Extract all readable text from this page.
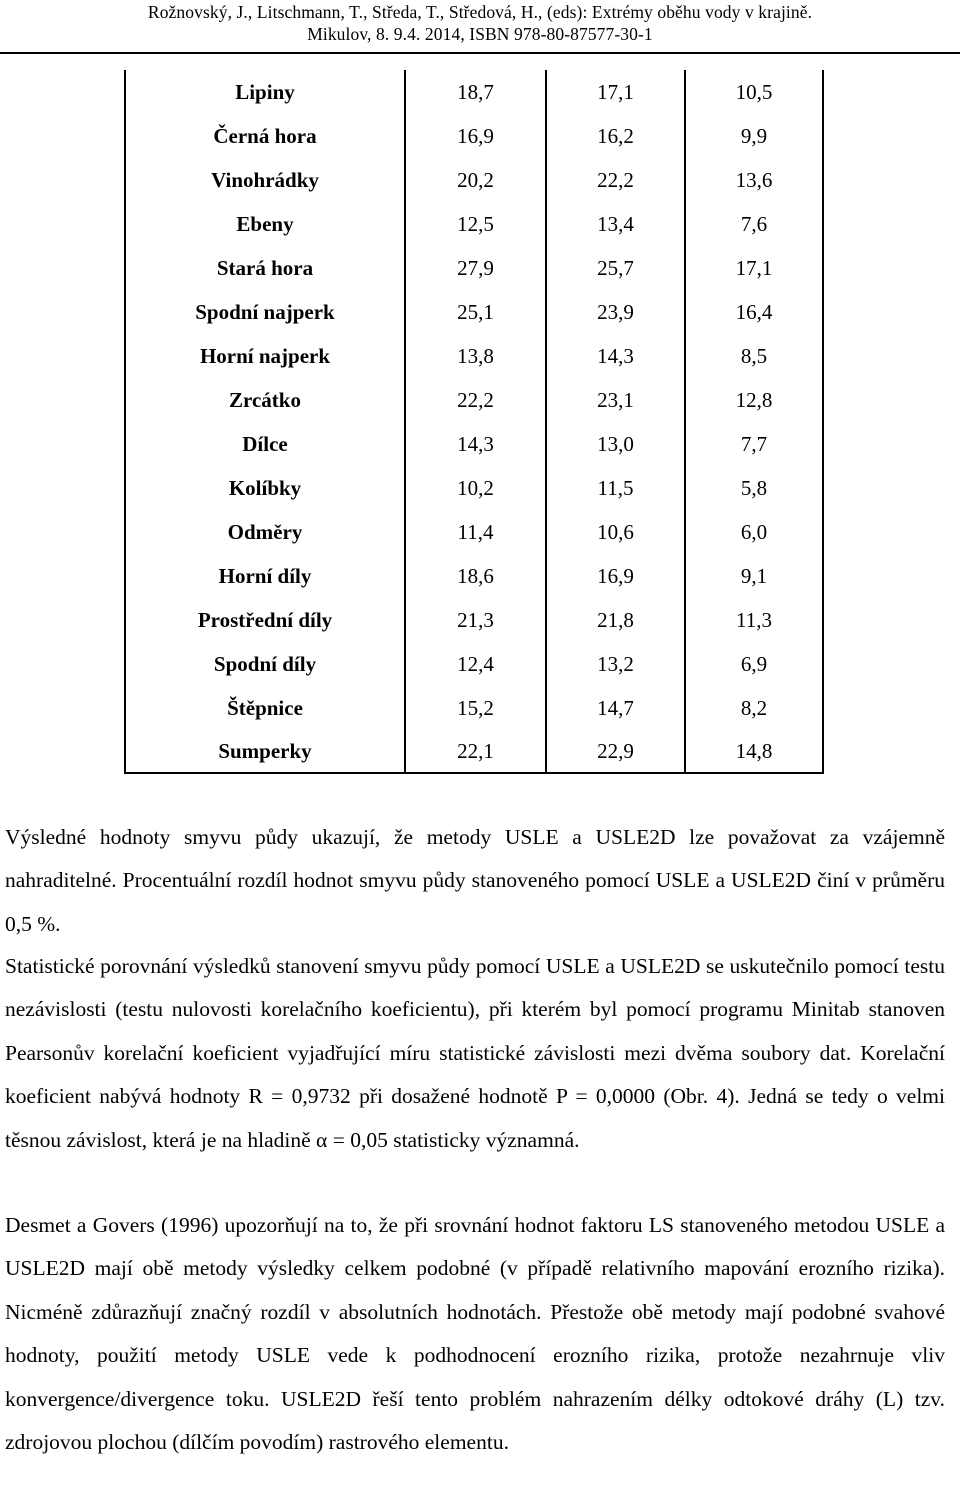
Rožnovský, J., Litschmann, T., Středa, T., Středová, H., (eds): Extrémy oběhu vody v krajině.
Mikulov, 8. 9.4. 2014, ISBN 978-80-87577-30-1
Lipiny	18,7	17,1	10,5
Černá hora	16,9	16,2	9,9
Vinohrádky	20,2	22,2	13,6
Ebeny	12,5	13,4	7,6
Stará hora	27,9	25,7	17,1
Spodní najperk	25,1	23,9	16,4
Horní najperk	13,8	14,3	8,5
Zrcátko	22,2	23,1	12,8
Dílce	14,3	13,0	7,7
Kolíbky	10,2	11,5	5,8
Odměry	11,4	10,6	6,0
Horní díly	18,6	16,9	9,1
Prostřední díly	21,3	21,8	11,3
Spodní díly	12,4	13,2	6,9
Štěpnice	15,2	14,7	8,2
Sumperky	22,1	22,9	14,8

Výsledné hodnoty smyvu půdy ukazují, že metody USLE a USLE2D lze považovat za vzájemně nahraditelné. Procentuální rozdíl hodnot smyvu půdy stanoveného pomocí USLE a USLE2D činí v průměru 0,5 %.

Statistické porovnání výsledků stanovení smyvu půdy pomocí USLE a USLE2D se uskutečnilo pomocí testu nezávislosti (testu nulovosti korelačního koeficientu), při kterém byl pomocí programu Minitab stanoven Pearsonův korelační koeficient vyjadřující míru statistické závislosti mezi dvěma soubory dat. Korelační koeficient nabývá hodnoty R = 0,9732 při dosažené hodnotě P = 0,0000 (Obr. 4). Jedná se tedy o velmi těsnou závislost, která je na hladině α = 0,05 statisticky významná.

Desmet a Govers (1996) upozorňují na to, že při srovnání hodnot faktoru LS stanoveného metodou USLE a USLE2D mají obě metody výsledky celkem podobné (v případě relativního mapování erozního rizika). Nicméně zdůrazňují značný rozdíl v absolutních hodnotách. Přestože obě metody mají podobné svahové hodnoty, použití metody USLE vede k podhodnocení erozního rizika, protože nezahrnuje vliv konvergence/divergence toku. USLE2D řeší tento problém nahrazením délky odtokové dráhy (L) tzv. zdrojovou plochou (dílčím povodím) rastrového elementu.
